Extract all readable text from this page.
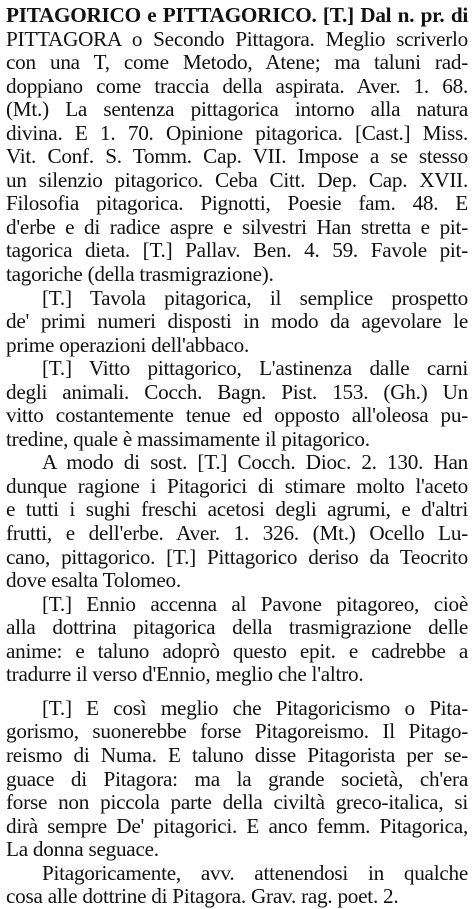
PITAGORICO e PITTAGORICO. [T.] Dal n. pr. di
PITTAGORA o Secondo Pittagora. Meglio scriverlo
con una T, come Metodo, Atene; ma taluni rad-
doppiano come traccia della aspirata. Aver. 1. 68.
(Mt.) La sentenza pittagorica intorno alla natura
divina. E 1. 70. Opinione pitagorica. [Cast.] Miss.
Vit. Conf. S. Tomm. Cap. VII. Impose a se stesso
un silenzio pitagorico. Ceba Citt. Dep. Cap. XVII.
Filosofia pitagorica. Pignotti, Poesie fam. 48. E
d'erbe e di radice aspre e silvestri Han stretta e pit-
tagorica dieta. [T.] Pallav. Ben. 4. 59. Favole pit-
tagoriche (della trasmigrazione).
[T.] Tavola pitagorica, il semplice prospetto
de' primi numeri disposti in modo da agevolare le
prime operazioni dell'abbaco.
[T.] Vitto pittagorico, L'astinenza dalle carni
degli animali. Cocch. Bagn. Pist. 153. (Gh.) Un
vitto costantemente tenue ed opposto all'oleosa pu-
tredine, quale è massimamente il pitagorico.
A modo di sost. [T.] Cocch. Dioc. 2. 130. Han
dunque ragione i Pitagorici di stimare molto l'aceto
e tutti i sughi freschi acetosi degli agrumi, e d'altri
frutti, e dell'erbe. Aver. 1. 326. (Mt.) Ocello Lu-
cano, pittagorico. [T.] Pittagorico deriso da Teocrito
dove esalta Tolomeo.
[T.] Ennio accenna al Pavone pitagoreo, cioè
alla dottrina pitagorica della trasmigrazione delle
anime: e taluno adoprò questo epit. e cadrebbe a
tradurre il verso d'Ennio, meglio che l'altro.
[T.] E così meglio che Pitagoricismo o Pita-
gorismo, suonerebbe forse Pitagoreismo. Il Pitago-
reismo di Numa. E taluno disse Pitagorista per se-
guace di Pitagora: ma la grande società, ch'era
forse non piccola parte della civiltà greco-italica, si
dirà sempre De' pitagorici. E anco femm. Pitagorica,
La donna seguace.
Pitagoricamente, avv. attenendosi in qualche
cosa alle dottrine di Pitagora. Grav. rag. poet. 2.
